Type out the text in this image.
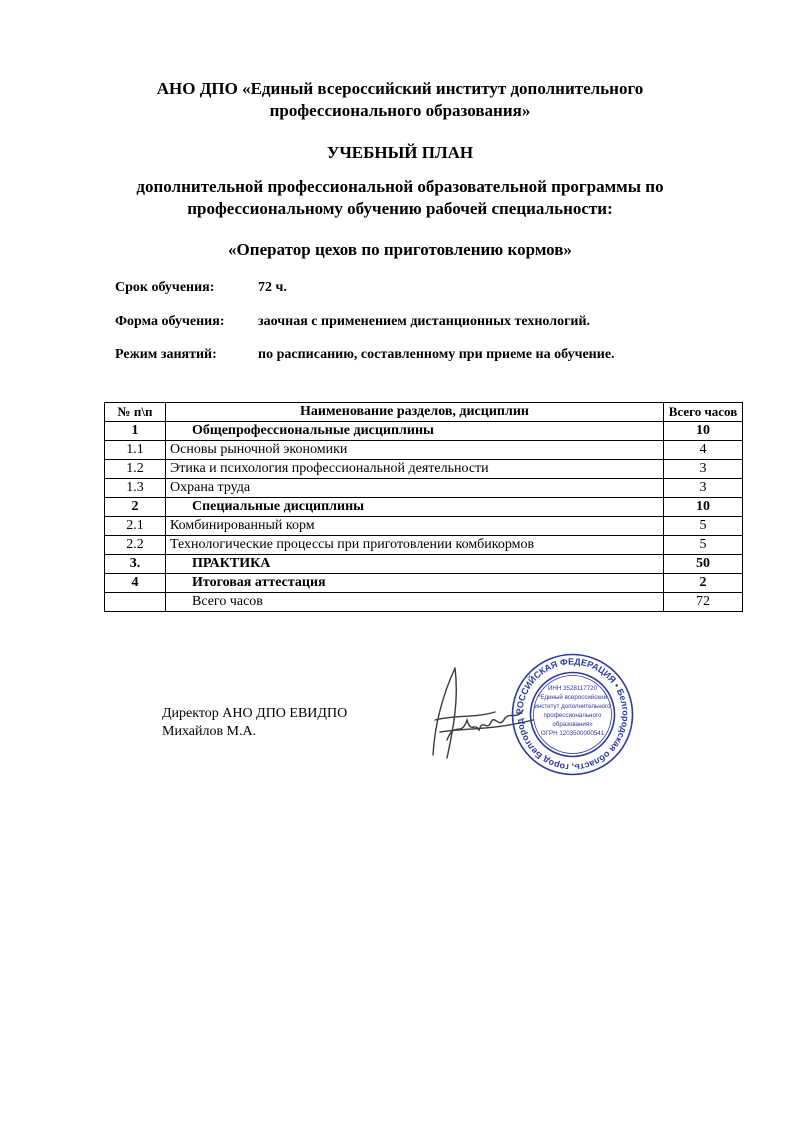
АНО ДПО «Единый всероссийский институт дополнительного профессионального образования»
УЧЕБНЫЙ ПЛАН
дополнительной профессиональной образовательной программы по профессиональному обучению рабочей специальности:
«Оператор цехов по приготовлению кормов»
Срок обучения:	72 ч.
Форма обучения: заочная с применением дистанционных технологий.
Режим занятий:	по расписанию, составленному при приеме на обучение.
№ п\п	Наименование разделов, дисциплин	Всего часов
1	Общепрофессиональные дисциплины	10
1.1	Основы рыночной экономики	4
1.2	Этика и психология профессиональной деятельности	3
1.3	Охрана труда	3
2	Специальные дисциплины	10
2.1	Комбинированный корм	5
2.2	Технологические процессы при приготовлении комбикормов	5
3.	ПРАКТИКА	50
4	Итоговая аттестация	2
	Всего часов	72
Директор АНО ДПО ЕВИДПО
Михайлов М.А.
РОССИЙСКАЯ ФЕДЕРАЦИЯ • Белгородская область, город Белгород
ИНН 3528117720
*Единый всероссийский
институт дополнительного
профессионального
образования»
ОГРН 1203500000541
